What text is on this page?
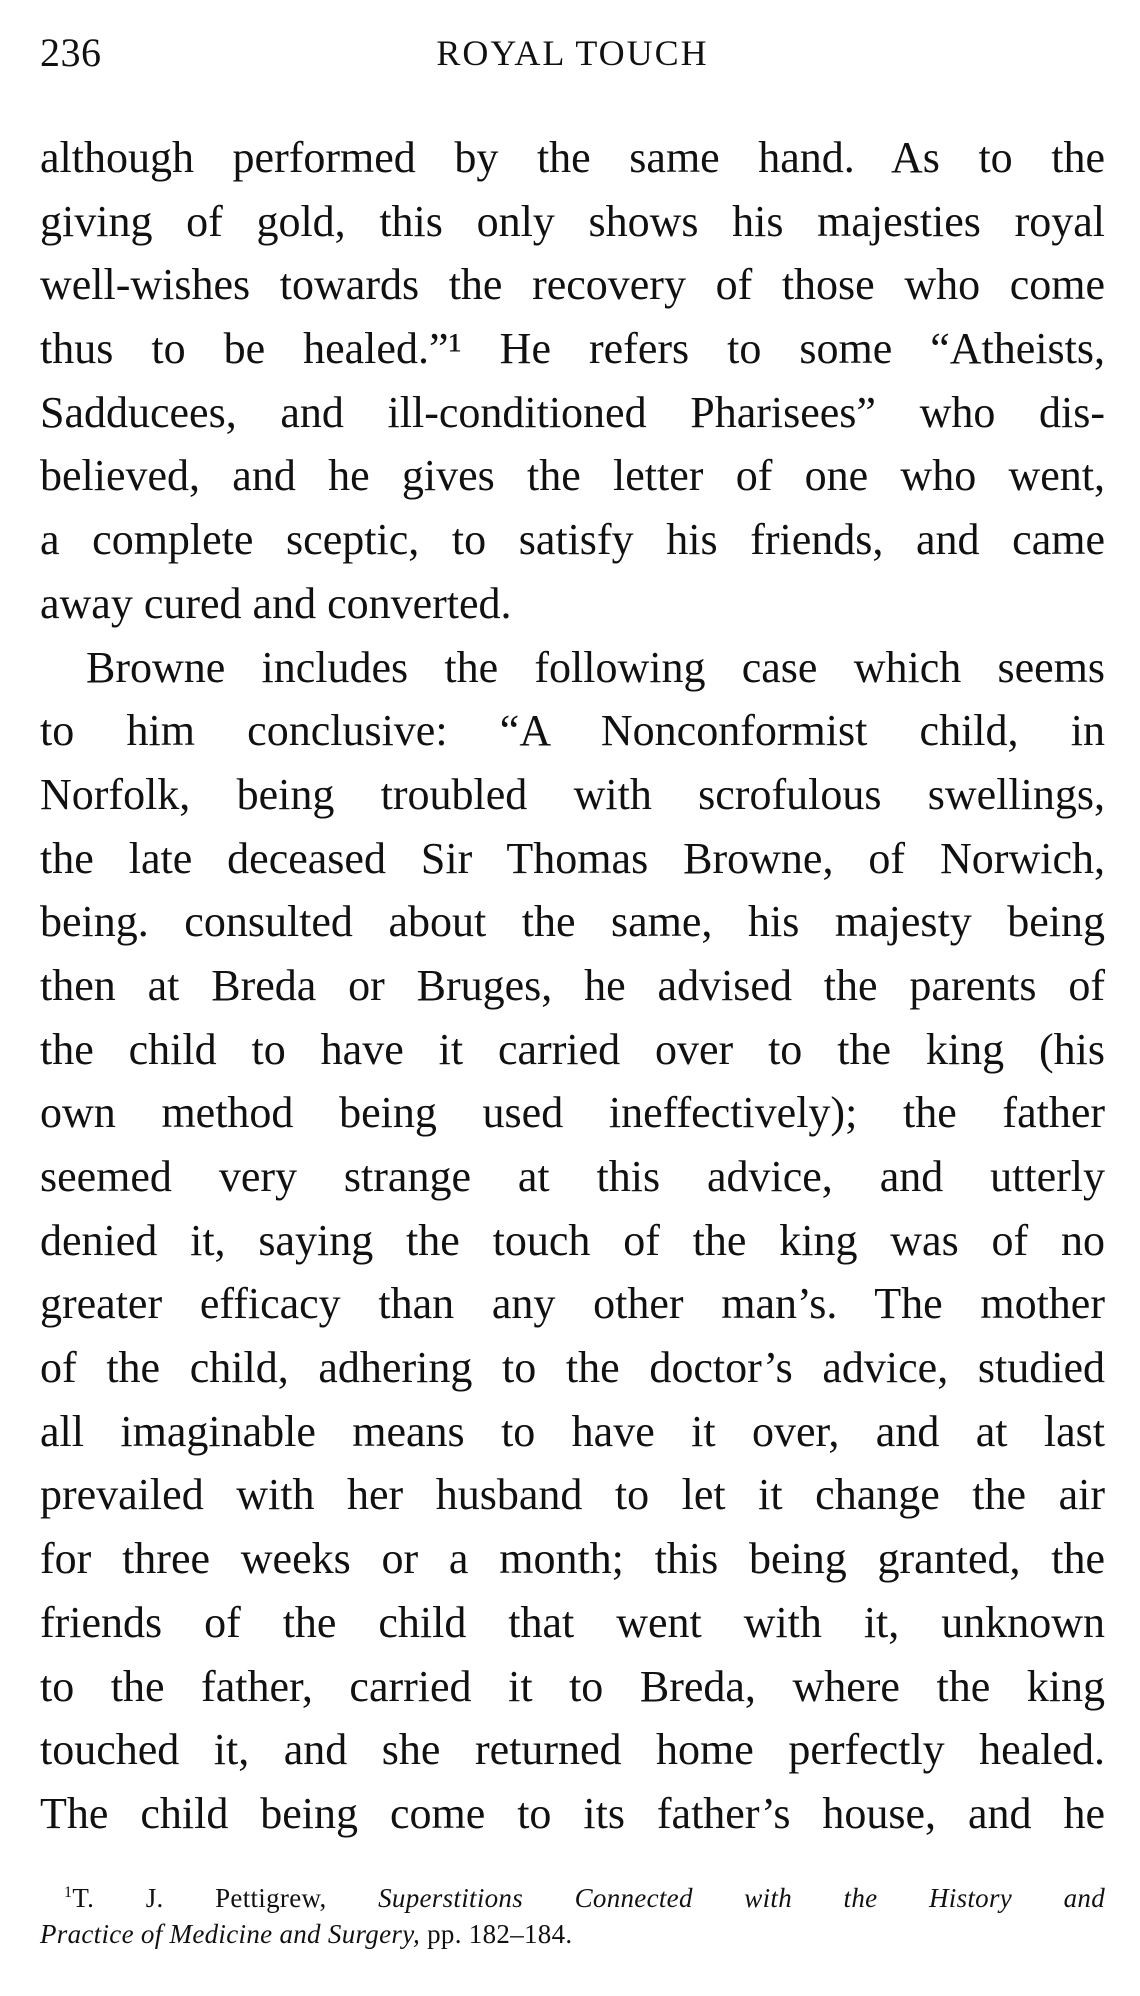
236	ROYAL TOUCH
although performed by the same hand. As to the
giving of gold, this only shows his majesties royal
well-wishes towards the recovery of those who come
thus to be healed.”¹ He refers to some “Atheists,
Sadducees, and ill-conditioned Pharisees” who dis-
believed, and he gives the letter of one who went,
a complete sceptic, to satisfy his friends, and came
away cured and converted.
Browne includes the following case which seems
to him conclusive: “A Nonconformist child, in
Norfolk, being troubled with scrofulous swellings,
the late deceased Sir Thomas Browne, of Norwich,
being. consulted about the same, his majesty being
then at Breda or Bruges, he advised the parents of
the child to have it carried over to the king (his
own method being used ineffectively); the father
seemed very strange at this advice, and utterly
denied it, saying the touch of the king was of no
greater efficacy than any other man’s. The mother
of the child, adhering to the doctor’s advice, studied
all imaginable means to have it over, and at last
prevailed with her husband to let it change the air
for three weeks or a month; this being granted, the
friends of the child that went with it, unknown
to the father, carried it to Breda, where the king
touched it, and she returned home perfectly healed.
The child being come to its father’s house, and he
$^1$T. J. Pettigrew, Superstitions Connected with the History and
Practice of Medicine and Surgery, pp. 182–184.
